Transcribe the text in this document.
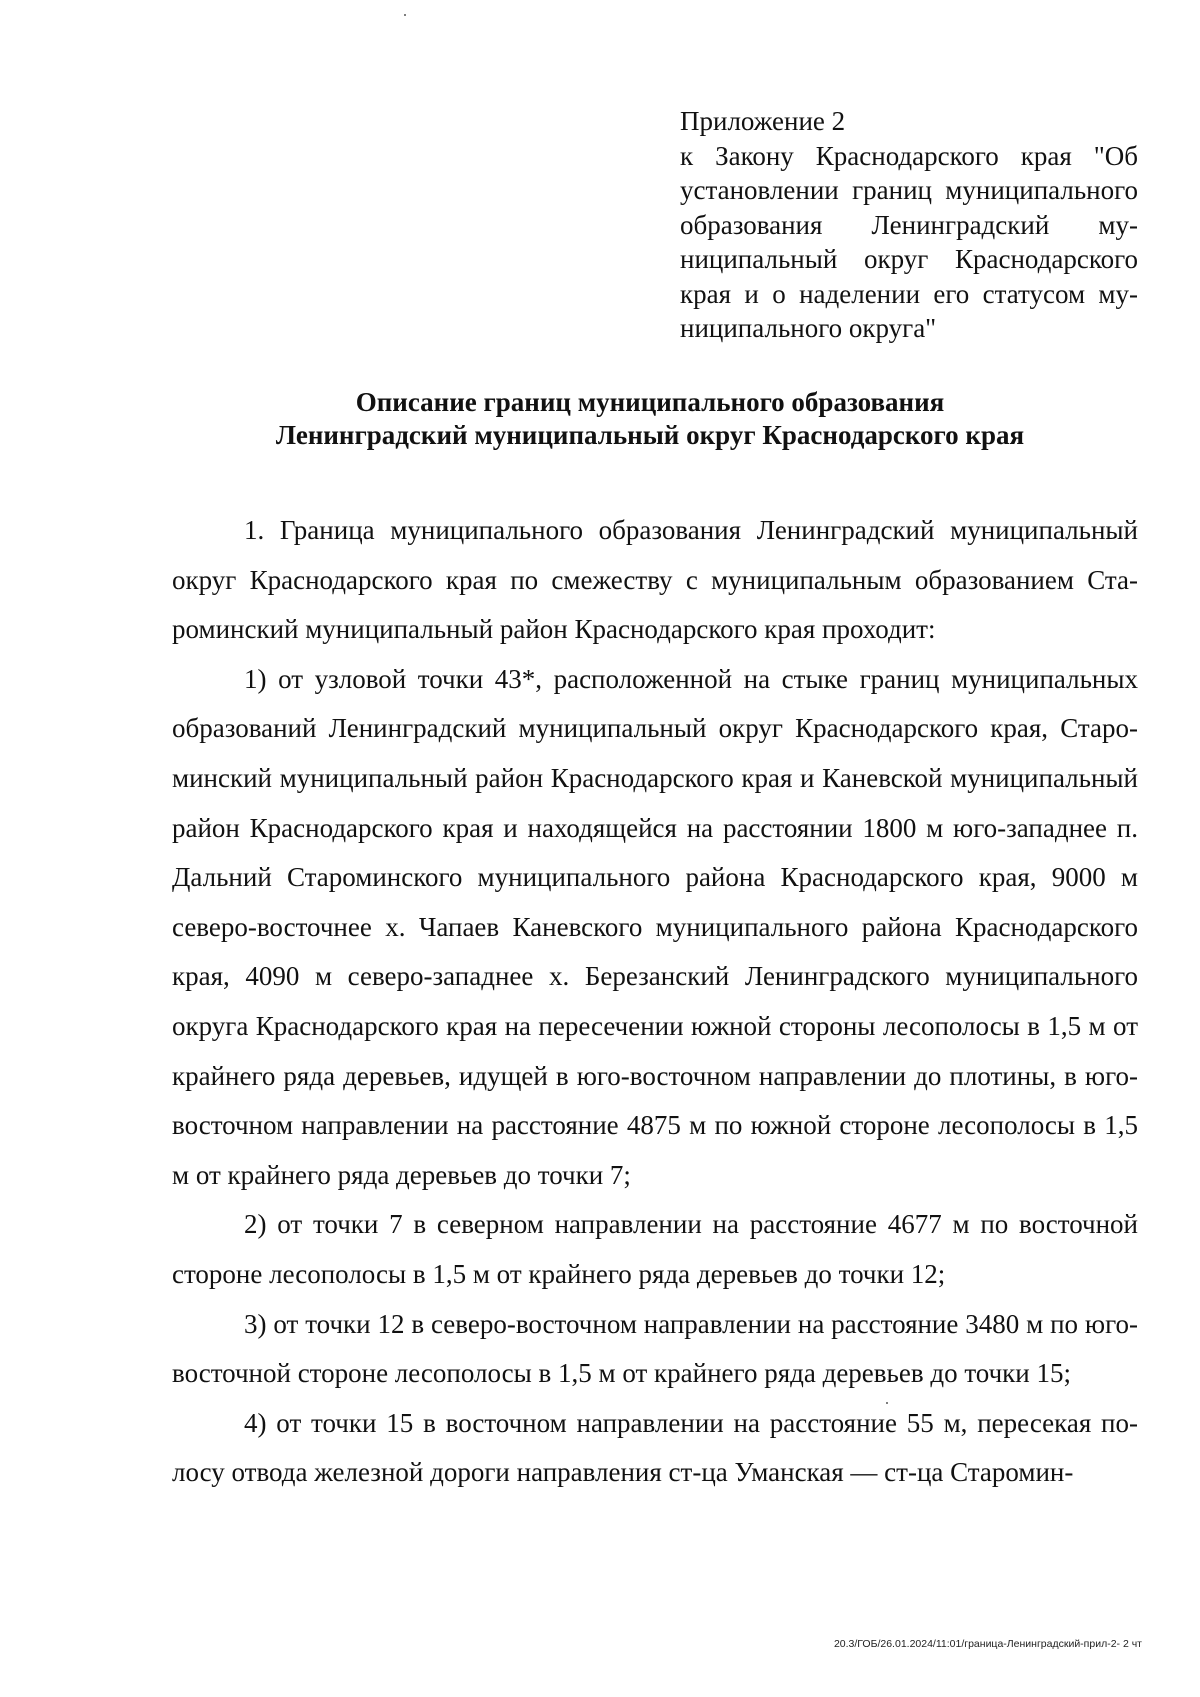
Приложение 2
к Закону Краснодарского края "Об установлении границ муниципального образования Ленинградский муниципальный округ Краснодарского края и о наделении его статусом муниципального округа"
Описание границ муниципального образования
Ленинградский муниципальный округ Краснодарского края

1. Граница муниципального образования Ленинградский муниципальный округ Краснодарского края по смежеству с муниципальным образованием Староминский муниципальный район Краснодарского края проходит:

1) от узловой точки 43*, расположенной на стыке границ муниципальных образований Ленинградский муниципальный округ Краснодарского края, Староминский муниципальный район Краснодарского края и Каневской муниципальный район Краснодарского края и находящейся на расстоянии 1800 м юго-западнее п. Дальний Староминского муниципального района Краснодарского края, 9000 м северо-восточнее х. Чапаев Каневского муниципального района Краснодарского края, 4090 м северо-западнее х. Березанский Ленинградского муниципального округа Краснодарского края на пересечении южной стороны лесополосы в 1,5 м от крайнего ряда деревьев, идущей в юго-восточном направлении до плотины, в юго-восточном направлении на расстояние 4875 м по южной стороне лесополосы в 1,5 м от крайнего ряда деревьев до точки 7;

2) от точки 7 в северном направлении на расстояние 4677 м по восточной стороне лесополосы в 1,5 м от крайнего ряда деревьев до точки 12;

3) от точки 12 в северо-восточном направлении на расстояние 3480 м по юго-восточной стороне лесополосы в 1,5 м от крайнего ряда деревьев до точки 15;

4) от точки 15 в восточном направлении на расстояние 55 м, пересекая полосу отвода железной дороги направления ст-ца Уманская — ст-ца Старомин-

20.3/ГОБ/26.01.2024/11:01/граница-Ленинградский-прил-2- 2 чт
